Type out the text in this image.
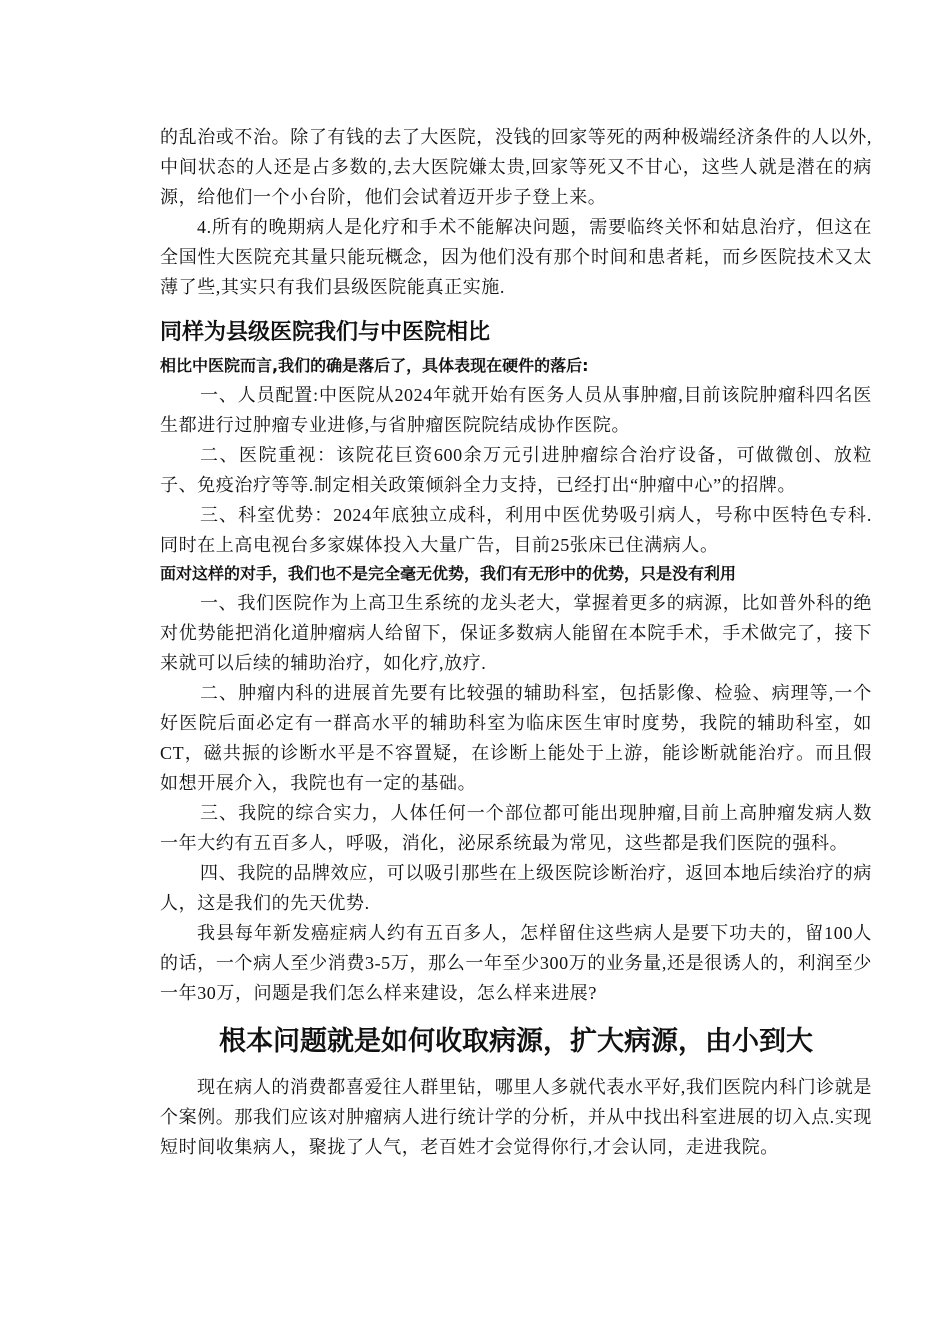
的乱治或不治。除了有钱的去了大医院，没钱的回家等死的两种极端经济条件的人以外,中间状态的人还是占多数的,去大医院嫌太贵,回家等死又不甘心，这些人就是潜在的病源，给他们一个小台阶，他们会试着迈开步子登上来。

4.所有的晚期病人是化疗和手术不能解决问题，需要临终关怀和姑息治疗，但这在全国性大医院充其量只能玩概念，因为他们没有那个时间和患者耗，而乡医院技术又太薄了些,其实只有我们县级医院能真正实施.

同样为县级医院我们与中医院相比
相比中医院而言,我们的确是落后了，具体表现在硬件的落后:

一、人员配置:中医院从2024年就开始有医务人员从事肿瘤,目前该院肿瘤科四名医生都进行过肿瘤专业进修,与省肿瘤医院院结成协作医院。

二、医院重视：该院花巨资600余万元引进肿瘤综合治疗设备，可做微创、放粒子、免疫治疗等等.制定相关政策倾斜全力支持，已经打出“肿瘤中心”的招牌。

三、科室优势：2024年底独立成科，利用中医优势吸引病人，号称中医特色专科.同时在上高电视台多家媒体投入大量广告，目前25张床已住满病人。

面对这样的对手，我们也不是完全毫无优势，我们有无形中的优势，只是没有利用

一、我们医院作为上高卫生系统的龙头老大，掌握着更多的病源，比如普外科的绝对优势能把消化道肿瘤病人给留下，保证多数病人能留在本院手术，手术做完了，接下来就可以后续的辅助治疗，如化疗,放疗.

二、肿瘤内科的进展首先要有比较强的辅助科室，包括影像、检验、病理等,一个好医院后面必定有一群高水平的辅助科室为临床医生审时度势，我院的辅助科室，如CT，磁共振的诊断水平是不容置疑，在诊断上能处于上游，能诊断就能治疗。而且假如想开展介入，我院也有一定的基础。

三、我院的综合实力，人体任何一个部位都可能出现肿瘤,目前上高肿瘤发病人数一年大约有五百多人，呼吸，消化，泌尿系统最为常见，这些都是我们医院的强科。

四、我院的品牌效应，可以吸引那些在上级医院诊断治疗，返回本地后续治疗的病人，这是我们的先天优势.

我县每年新发癌症病人约有五百多人，怎样留住这些病人是要下功夫的，留100人的话，一个病人至少消费3-5万，那么一年至少300万的业务量,还是很诱人的，利润至少一年30万，问题是我们怎么样来建设，怎么样来进展?

根本问题就是如何收取病源，扩大病源，由小到大

现在病人的消费都喜爱往人群里钻，哪里人多就代表水平好,我们医院内科门诊就是个案例。那我们应该对肿瘤病人进行统计学的分析，并从中找出科室进展的切入点.实现短时间收集病人，聚拢了人气，老百姓才会觉得你行,才会认同，走进我院。
